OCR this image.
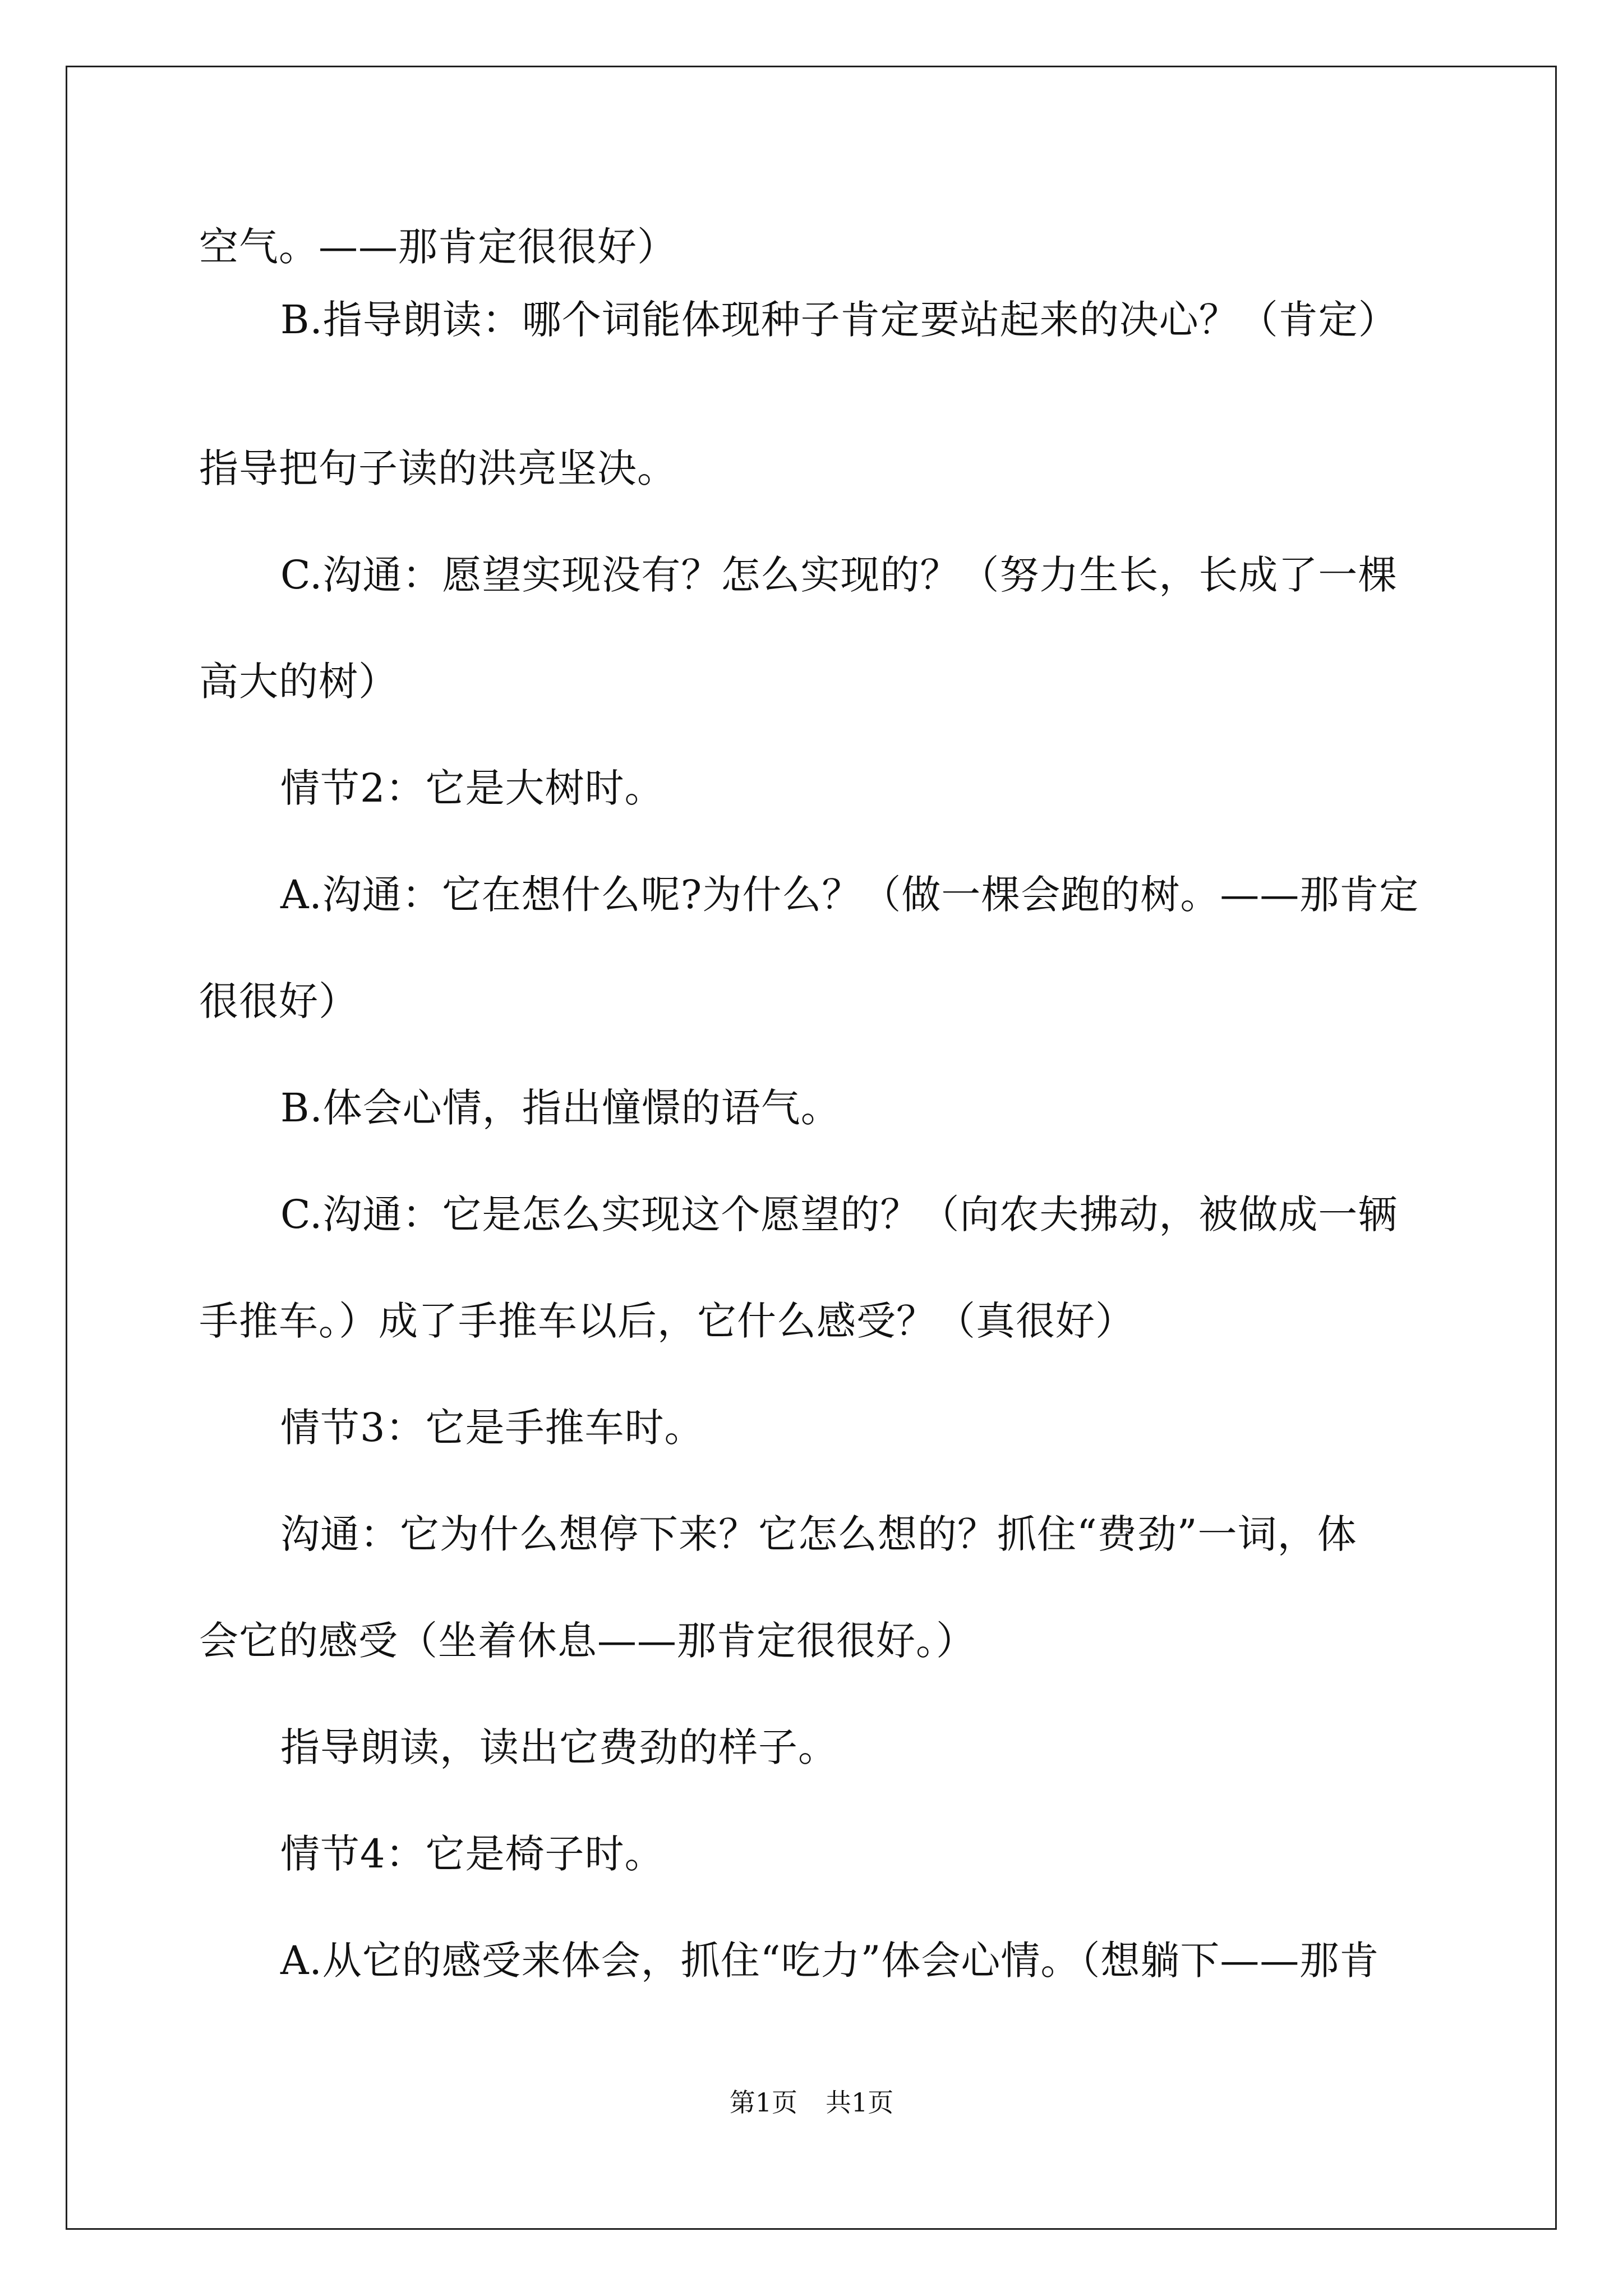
空气。——那肯定很很好）
B.指导朗读：哪个词能体现种子肯定要站起来的决心？（肯定）
指导把句子读的洪亮坚决。
C.沟通：愿望实现没有？怎么实现的？（努力生长，长成了一棵
高大的树）
情节2：它是大树时。
A.沟通：它在想什么呢?为什么？（做一棵会跑的树。——那肯定
很很好）
B.体会心情，指出憧憬的语气。
C.沟通：它是怎么实现这个愿望的？（向农夫拂动，被做成一辆
手推车。）成了手推车以后，它什么感受？（真很好）
情节3：它是手推车时。
沟通：它为什么想停下来？它怎么想的？抓住“费劲”一词，体
会它的感受（坐着休息——那肯定很很好。）
指导朗读，读出它费劲的样子。
情节4：它是椅子时。
A.从它的感受来体会，抓住“吃力”体会心情。（想躺下——那肯
第1页 共1页
